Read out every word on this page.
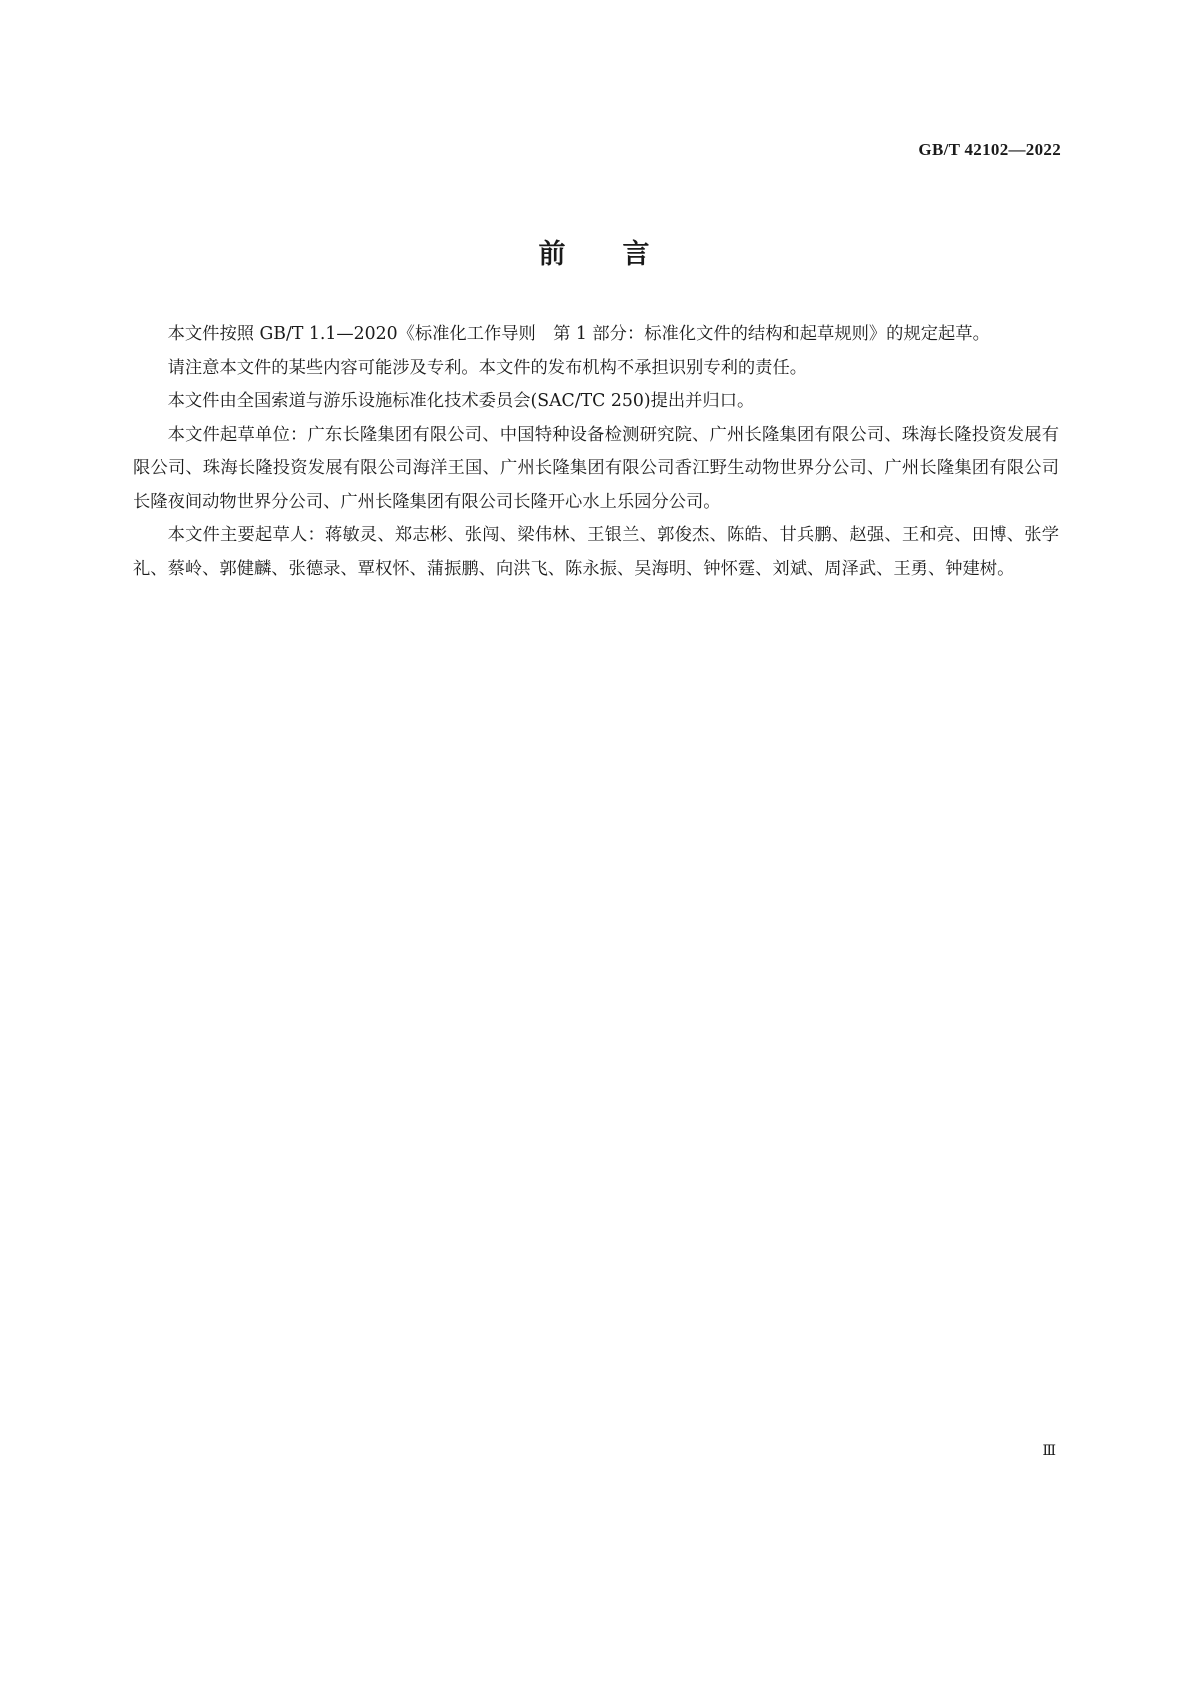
GB/T 42102—2022
前 言

本文件按照 GB/T 1.1—2020《标准化工作导则　第 1 部分：标准化文件的结构和起草规则》的规定起草。

请注意本文件的某些内容可能涉及专利。本文件的发布机构不承担识别专利的责任。

本文件由全国索道与游乐设施标准化技术委员会(SAC/TC 250)提出并归口。

本文件起草单位：广东长隆集团有限公司、中国特种设备检测研究院、广州长隆集团有限公司、珠海长隆投资发展有限公司、珠海长隆投资发展有限公司海洋王国、广州长隆集团有限公司香江野生动物世界分公司、广州长隆集团有限公司长隆夜间动物世界分公司、广州长隆集团有限公司长隆开心水上乐园分公司。

本文件主要起草人：蒋敏灵、郑志彬、张闯、梁伟林、王银兰、郭俊杰、陈皓、甘兵鹏、赵强、王和亮、田博、张学礼、蔡岭、郭健麟、张德录、覃权怀、蒲振鹏、向洪飞、陈永振、吴海明、钟怀霆、刘斌、周泽武、王勇、钟建树。

Ⅲ
